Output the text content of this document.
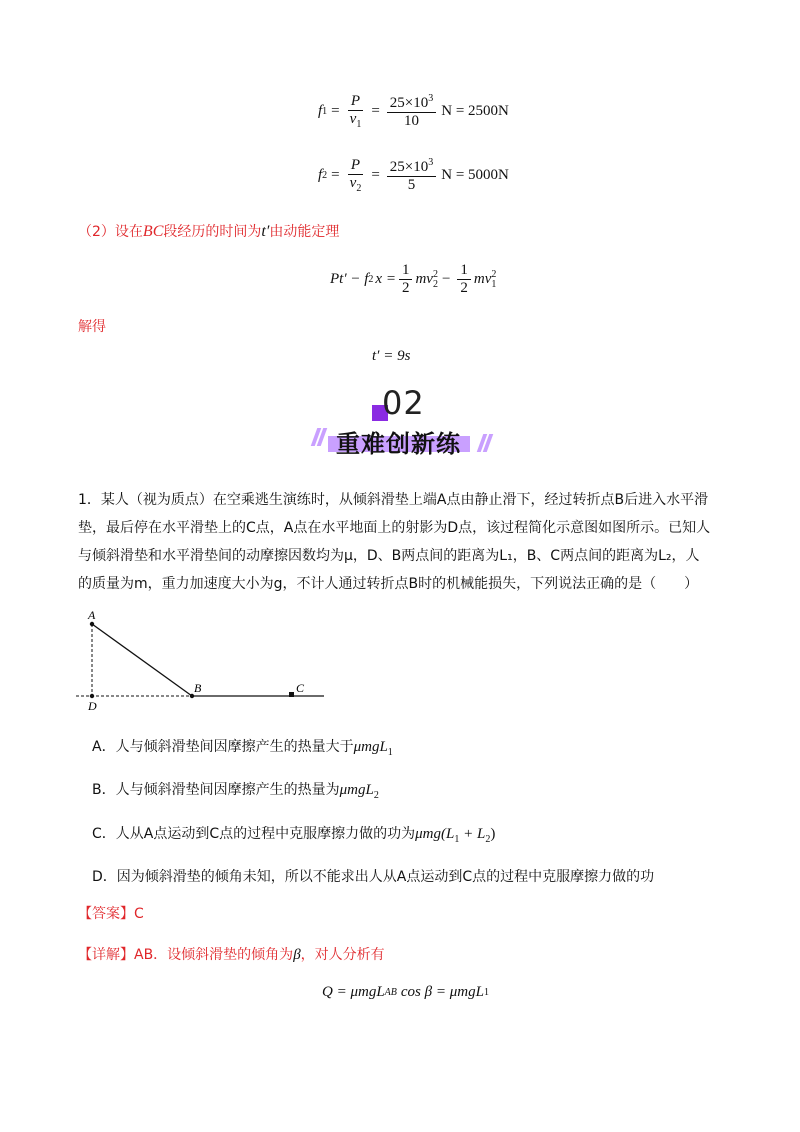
f $1 = \frac{P}{v_1} = \frac{25\times 10^3}{10}$ N = 2500N
f $2 = \frac{P}{v_2} = \frac{25\times 10^3}{5}$ N = 5000N
（2）设在BC段经历的时间为t′由动能定理
Pt′ − f 2 $x = \frac{1}{2}$ mv 2
$2 - \frac{1}{2}$ mv 2
1
解得
t′ = 9s
02
重难创新练
1．某人（视为质点）在空乘逃生演练时，从倾斜滑垫上端A点由静止滑下，经过转折点B后进入水平滑
垫，最后停在水平滑垫上的C点，A点在水平地面上的射影为D点，该过程简化示意图如图所示。已知人
与倾斜滑垫和水平滑垫间的动摩擦因数均为μ，D、B两点间的距离为L₁，B、C两点间的距离为L₂，人
的质量为m，重力加速度大小为g，不计人通过转折点B时的机械能损失，下列说法正确的是（　　）
A
D
B	C
A．人与倾斜滑垫间因摩擦产生的热量大于μmgL$_1$
B．人与倾斜滑垫间因摩擦产生的热量为μmgL$_2$
C．人从A点运动到C点的过程中克服摩擦力做的功为$\mu mg(L_1 + L_2)$
D．因为倾斜滑垫的倾角未知，所以不能求出人从A点运动到C点的过程中克服摩擦力做的功
【答案】C
【详解】AB．设倾斜滑垫的倾角为β，对人分析有
Q = μmgL AB cos β = μmgL 1
